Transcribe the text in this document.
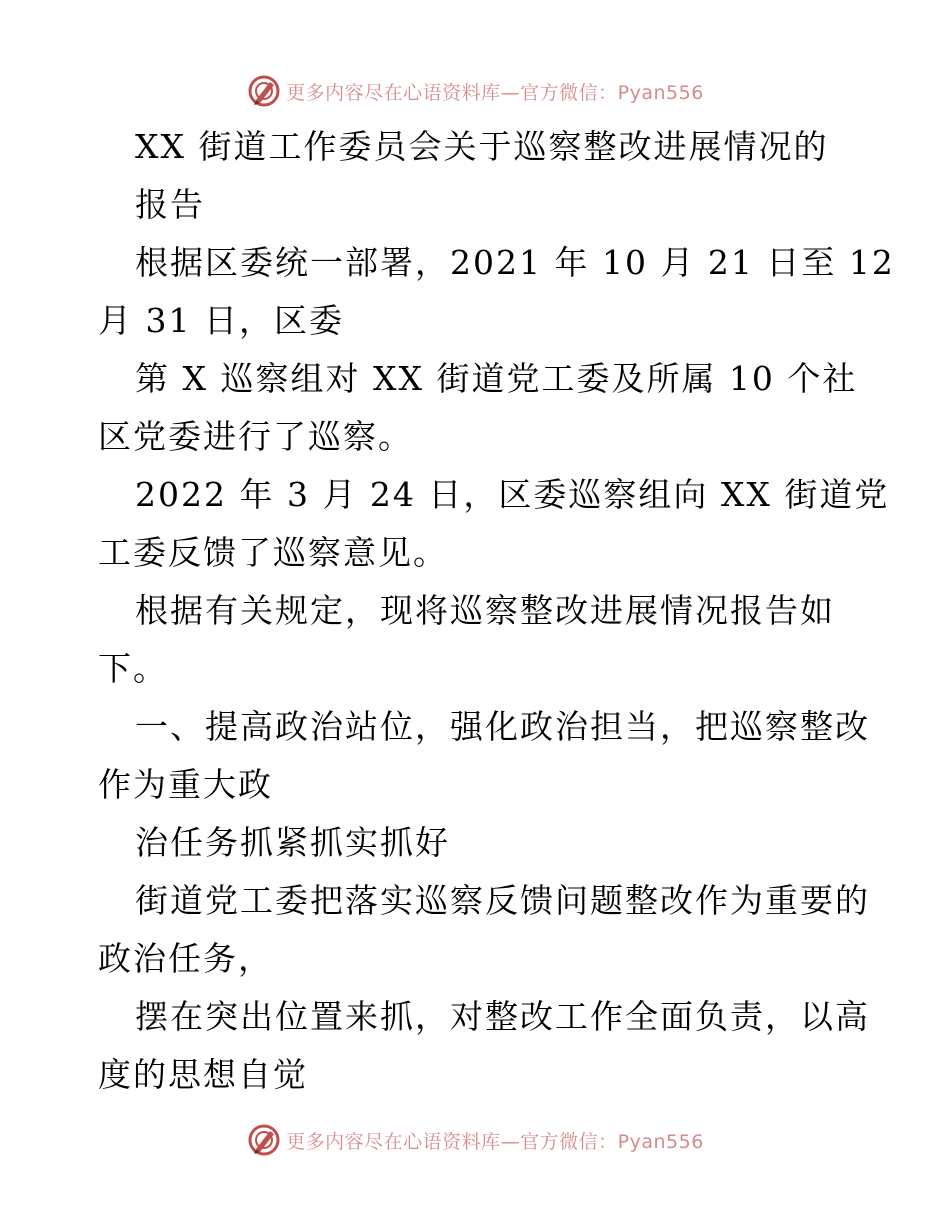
更多内容尽在心语资料库—官方微信：Pyan556
XX 街道工作委员会关于巡察整改进展情况的
报告
根据区委统一部署，2021 年 10 月 21 日至 12
月 31 日，区委
第 X 巡察组对 XX 街道党工委及所属 10 个社
区党委进行了巡察。
2022 年 3 月 24 日，区委巡察组向 XX 街道党
工委反馈了巡察意见。
根据有关规定，现将巡察整改进展情况报告如
下。
一、提高政治站位，强化政治担当，把巡察整改
作为重大政
治任务抓紧抓实抓好
街道党工委把落实巡察反馈问题整改作为重要的
政治任务，
摆在突出位置来抓，对整改工作全面负责，以高
度的思想自觉
更多内容尽在心语资料库—官方微信：Pyan556
